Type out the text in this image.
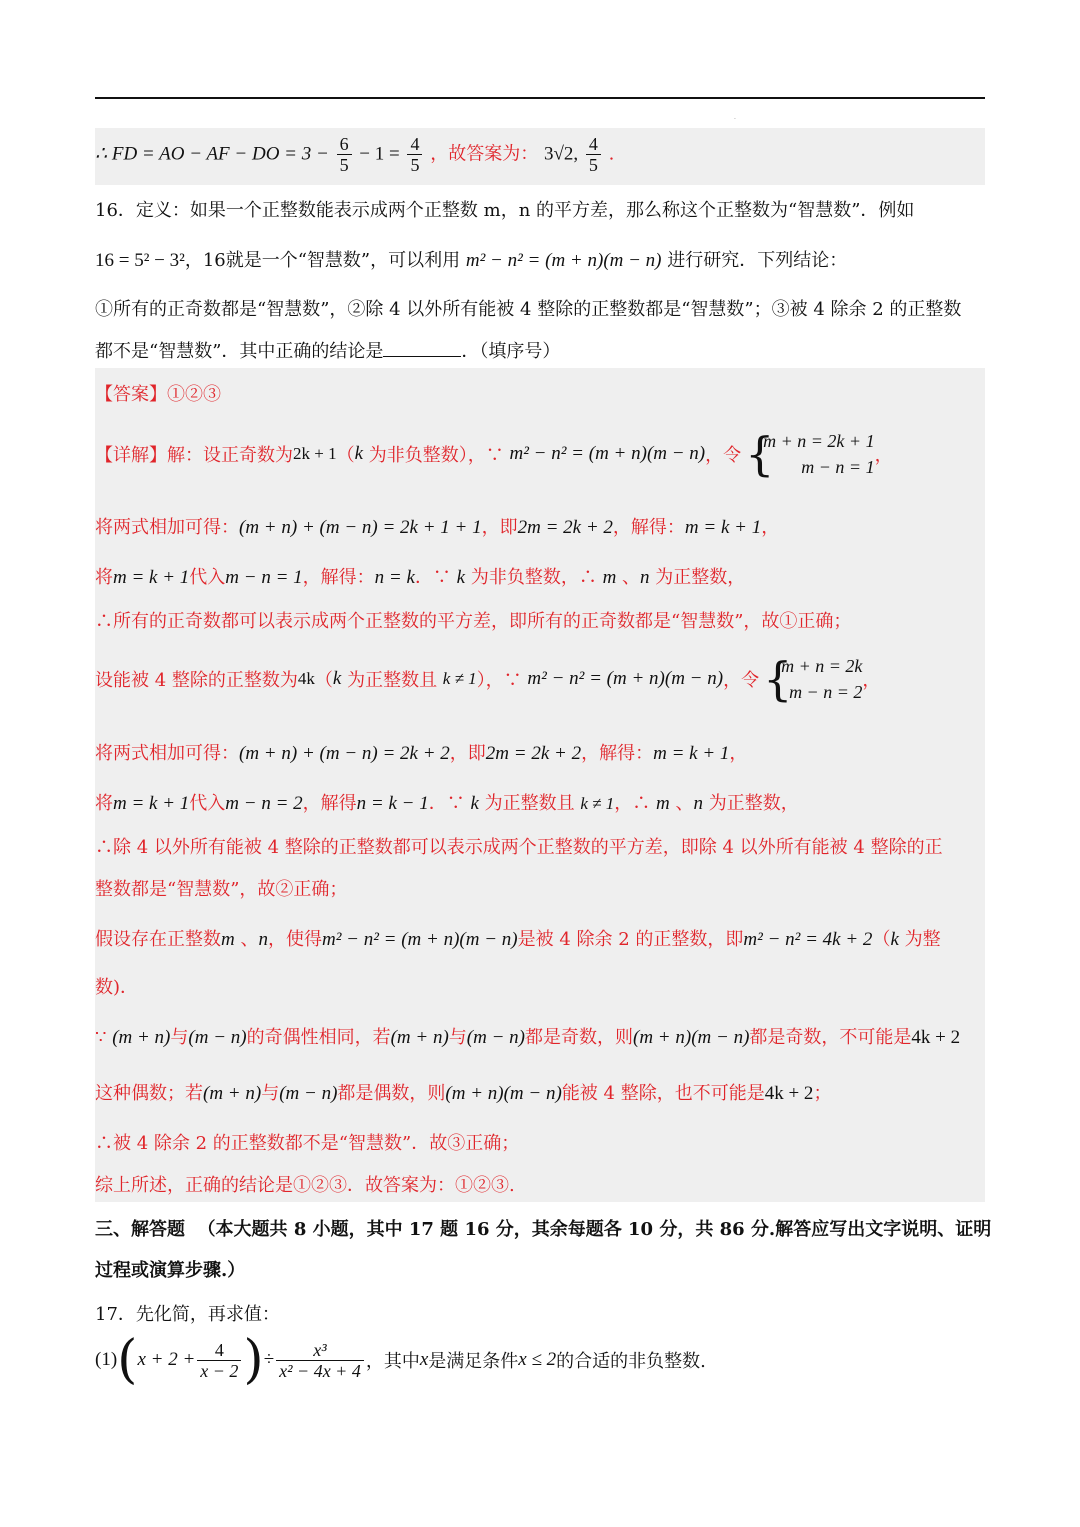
.
∴ FD = AO − AF − DO = $3 - \frac{6}{5} - 1 = \frac{4}{5}$ ，故答案为： 3√2, $\frac{4}{5}$ .
16．定义：如果一个正整数能表示成两个正整数 m，n 的平方差，那么称这个正整数为“智慧数”．例如
16 = 5² − 3²，16就是一个“智慧数”，可以利用 m² − n² = (m + n)(m − n) 进行研究．下列结论：
①所有的正奇数都是“智慧数”，②除 4 以外所有能被 4 整除的正整数都是“智慧数”；③被 4 除余 2 的正整数
都不是“智慧数”．其中正确的结论是	．（填序号）
【答案】①②③
【详解】解：设正奇数为2k + 1（k 为非负整数），∵ m² − n² = (m + n)(m − n)，令 {
m + n = 2k + 1
m − n = 1
，
将两式相加可得：(m + n) + (m − n) = 2k + 1 + 1，即2m = 2k + 2，解得：m = k + 1，
将m = k + 1代入m − n = 1，解得：n = k．∵ k 为非负整数，∴ m 、n 为正整数，
∴所有的正奇数都可以表示成两个正整数的平方差，即所有的正奇数都是“智慧数”，故①正确；
设能被 4 整除的正整数为4k（k 为正整数且 k ≠ 1），∵ m² − n² = (m + n)(m − n)，令 {
m + n = 2k
m − n = 2
，
将两式相加可得：(m + n) + (m − n) = 2k + 2，即2m = 2k + 2，解得：m = k + 1，
将m = k + 1代入m − n = 2，解得n = k − 1．∵ k 为正整数且 k ≠ 1，∴ m 、n 为正整数，
∴除 4 以外所有能被 4 整除的正整数都可以表示成两个正整数的平方差，即除 4 以外所有能被 4 整除的正
整数都是“智慧数”，故②正确；
假设存在正整数m 、n，使得m² − n² = (m + n)(m − n)是被 4 除余 2 的正整数，即m² − n² = 4k + 2（k 为整
数)．
∵ (m + n)与(m − n)的奇偶性相同，若(m + n)与(m − n)都是奇数，则(m + n)(m − n)都是奇数，不可能是4k + 2
这种偶数；若(m + n)与(m − n)都是偶数，则(m + n)(m − n)能被 4 整除，也不可能是4k + 2；
∴被 4 除余 2 的正整数都不是“智慧数”．故③正确；
综上所述，正确的结论是①②③．故答案为：①②③.
三、解答题 （本大题共 8 小题，其中 17 题 16 分，其余每题各 10 分，共 86 分.解答应写出文字说明、证明
过程或演算步骤.）
17．先化简，再求值：
$(1)(x + 2 + \frac{4}{x - 2}$ )÷ $\frac{\text{x³}}{\text{x² − 4x + 4}}$ ，其中x是满足条件x ≤ 2的合适的非负整数.
